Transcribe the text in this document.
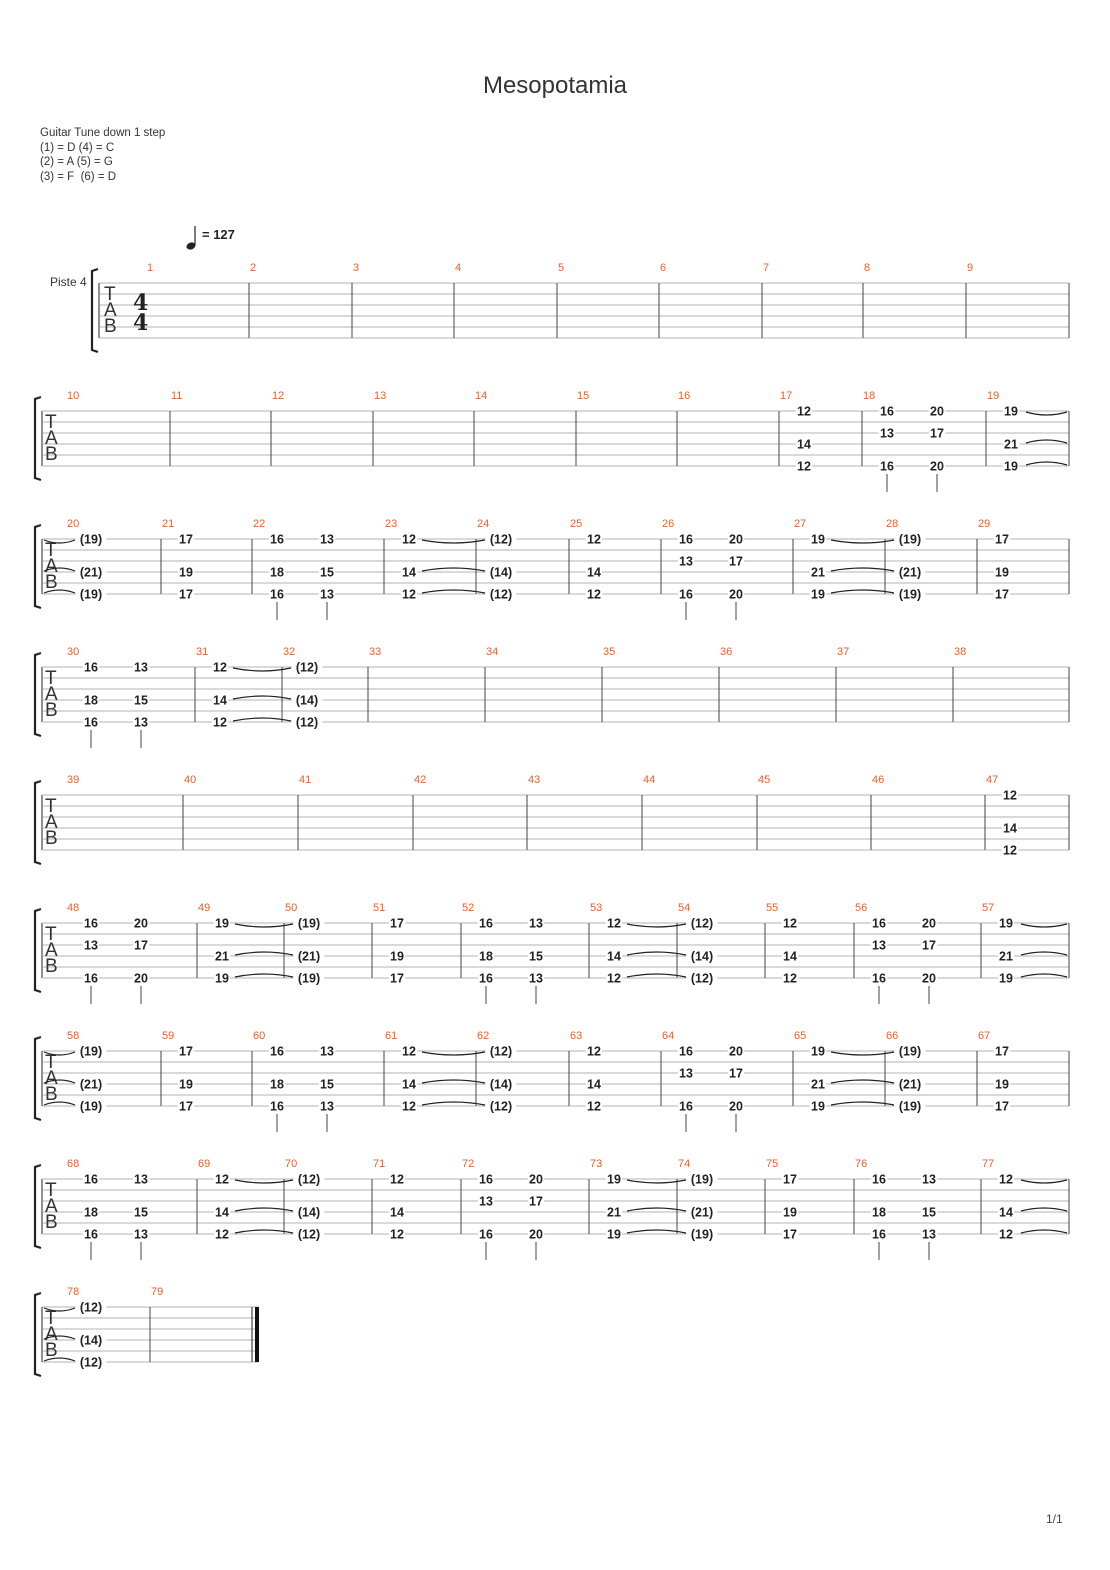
Mesopotamia
Guitar Tune down 1 step
(1) = D (4) = C
(2) = A (5) = G
(3) = F  (6) = D
Piste 4
= 127
T
A
B
4
4
1	2	3	4	5	6	7	8	9
T
A
B
10	11	12	13	14	15	16	17
12
14
12
18
16
13
16
20
17
20
19
19
21
19
T
A
B
20
(19)
(21)
(19)
21
17
19
17
22
16
18
16
13
15
13
23
12
14
12
24
(12)
(14)
(12)
25
12
14
12
26
16
13
16
20
17
20
27
19
21
19
28
(19)
(21)
(19)
29
17
19
17
T
A
B
30
16
18
16
13
15
13
31
12
14
12
32
(12)
(14)
(12)
33	34	35	36	37	38
T
A
B
39	40	41	42	43	44	45	46	47
12
14
12
T
A
B
48
16
13
16
20
17
20
49
19
21
19
50
(19)
(21)
(19)
51
17
19
17
52
16
18
16
13
15
13
53
12
14
12
54
(12)
(14)
(12)
55
12
14
12
56
16
13
16
20
17
20
57
19
21
19
T
A
B
58
(19)
(21)
(19)
59
17
19
17
60
16
18
16
13
15
13
61
12
14
12
62
(12)
(14)
(12)
63
12
14
12
64
16
13
16
20
17
20
65
19
21
19
66
(19)
(21)
(19)
67
17
19
17
T
A
B
68
16
18
16
13
15
13
69
12
14
12
70
(12)
(14)
(12)
71
12
14
12
72
16
13
16
20
17
20
73
19
21
19
74
(19)
(21)
(19)
75
17
19
17
76
16
18
16
13
15
13
77
12
14
12
T
A
B
78
(12)
(14)
(12)
79
1/1
